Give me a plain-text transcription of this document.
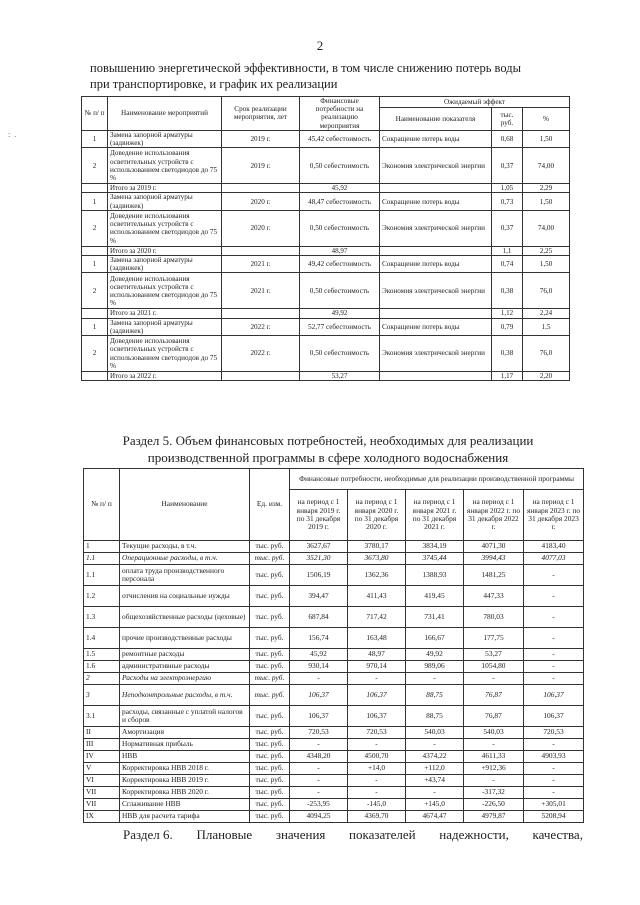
2
: .
повышению энергетической эффективности, в том числе снижению потерь воды
при транспортировке, и график их реализации
№ п/ п	Наименование мероприятий	Срок реализации мероприятия, лет	Финансовые потребности на реализацию мероприятия	Ожидаемый эффект		
				Наименование показателя	тыс. руб.	%
1	Замена запорной арматуры (задвижек)	2019 г.	45,42 себестоимость	Сокращение потерь воды	0,68	1,50
2	Доведение использования осветительных устройств с использованием светодиодов до 75 %	2019 г.	0,50 себестоимость	Экономия электрической энергии	0,37	74,00
	Итого за 2019 г.		45,92		1,05	2,29
1	Замена запорной арматуры (задвижек)	2020 г.	48,47 себестоимость	Сокращение потерь воды	0,73	1,50
2	Доведение использования осветительных устройств с использованием светодиодов до 75 %	2020 г.	0,50 себестоимость	Экономия электрической энергии	0,37	74,00
	Итого за 2020 г.		48,97		1,1	2,25
1	Замена запорной арматуры (задвижек)	2021 г.	49,42 себестоимость	Сокращение потерь воды	0,74	1,50
2	Доведение использования осветительных устройств с использованием светодиодов до 75 %	2021 г.	0,50 себестоимость	Экономия электрической энергии	0,38	76,0
	Итого за 2021 г.		49,92		1,12	2,24
1	Замена запорной арматуры (задвижек)	2022 г.	52,77 себестоимость	Сокращение потерь воды	0,79	1,5
2	Доведение использования осветительных устройств с использованием светодиодов до 75 %	2022 г.	0,50 себестоимость	Экономия электрической энергии	0,38	76,0
	Итого за 2022 г.		53,27		1,17	2,20
Раздел 5. Объем финансовых потребностей, необходимых для реализации производственной программы в сфере холодного водоснабжения
№ п/ п	Наименование	Ед. изм.	Финансовые потребности, необходимые для реализации производственной программы				
			на период с 1 января 2019 г. по 31 декабря 2019 г.	на период с 1 января 2020 г. по 31 декабря 2020 г.	на период с 1 января 2021 г. по 31 декабря 2021 г.	на период с 1 января 2022 г. по 31 декабря 2022 г.	на период с 1 января 2023 г. по 31 декабря 2023 г.
1	Текущие расходы, в т.ч.	тыс. руб.	3627,67	3780,17	3834,19	4071,30	4183,40
1.1	Операционные расходы, в т.ч.	тыс. руб.	3521,30	3673,80	3745,44	3994,43	4077,03
1.1	оплата труда производственного персонала	тыс. руб.	1506,19	1362,36	1388,93	1481,25	-
1.2	отчисления на социальные нужды	тыс. руб.	394,47	411,43	419,45	447,33	-
1.3	общехозяйственные расходы (цеховые)	тыс. руб.	687,84	717,42	731,41	780,03	-
1.4	прочие производственные расходы	тыс. руб.	156,74	163,48	166,67	177,75	-
1.5	ремонтные расходы	тыс. руб.	45,92	48,97	49,92	53,27	-
1.6	административные расходы	тыс. руб.	930,14	970,14	989,06	1054,80	-
2	Расходы на электроэнергию	тыс. руб.	-	-	-	-	-
3	Неподконтрольные расходы, в т.ч.	тыс. руб.	106,37	106,37	88,75	76,87	106,37
3.1	расходы, связанные с уплатой налогов и сборов	тыс. руб.	106,37	106,37	88,75	76,87	106,37
II	Амортизация	тыс. руб.	720,53	720,53	540,03	540,03	720,53
III	Нормативная прибыль	тыс. руб.	-	-	-	-	-
IV	НВВ	тыс. руб.	4348,20	4500,70	4374,22	4611,33	4903,93
V	Корректировка НВВ 2018 г.	тыс. руб.	-	+14,0	+112,0	+912,36	-
VI	Корректировка НВВ 2019 г.	тыс. руб.	-	-	+43,74	-	-
VII	Корректировка НВВ 2020 г.	тыс. руб.	-	-	-	-317,32	-
VII	Сглаживание НВВ	тыс. руб.	-253,95	-145,0	+145,0	-226,50	+305,01
IX	НВВ для расчета тарифа	тыс. руб.	4094,25	4369,70	4674,47	4979,87	5208,94
Раздел 6. Плановые значения показателей надежности, качества,
